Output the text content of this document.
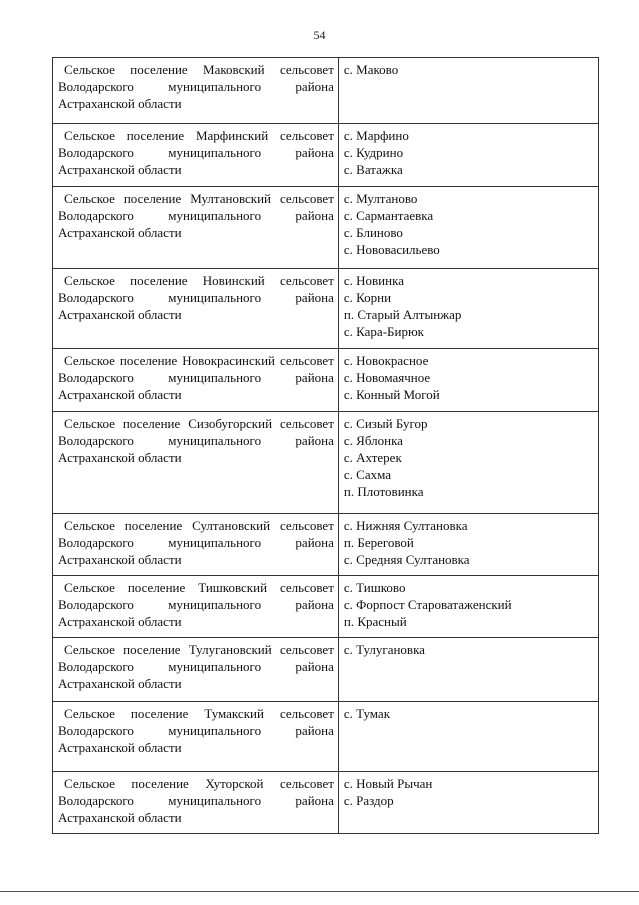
54
Сельское поселение Маковский сельсовет Володарского муниципального района Астраханской области	с. Маково

Сельское поселение Марфинский сельсовет Володарского муниципального района Астраханской области	с. Марфино
с. Кудрино
с. Ватажка

Сельское поселение Мултановский сельсовет Володарского муниципального района Астраханской области	с. Мултаново
с. Сармантаевка
с. Блиново
с. Нововасильево

Сельское поселение Новинский сельсовет Володарского муниципального района Астраханской области	с. Новинка
с. Корни
п. Старый Алтынжар
с. Кара-Бирюк

Сельское поселение Новокрасинский сельсовет Володарского муниципального района Астраханской области	с. Новокрасное
с. Новомаячное
с. Конный Могой

Сельское поселение Сизобугорский сельсовет Володарского муниципального района Астраханской области	с. Сизый Бугор
с. Яблонка
с. Ахтерек
с. Сахма
п. Плотовинка

Сельское поселение Султановский сельсовет Володарского муниципального района Астраханской области	с. Нижняя Султановка
п. Береговой
с. Средняя Султановка

Сельское поселение Тишковский сельсовет Володарского муниципального района Астраханской области	с. Тишково
с. Форпост Староватаженский
п. Красный

Сельское поселение Тулугановский сельсовет Володарского муниципального района Астраханской области	с. Тулугановка

Сельское поселение Тумакский сельсовет Володарского муниципального района Астраханской области	с. Тумак

Сельское поселение Хуторской сельсовет Володарского муниципального района Астраханской области	с. Новый Рычан
с. Раздор
